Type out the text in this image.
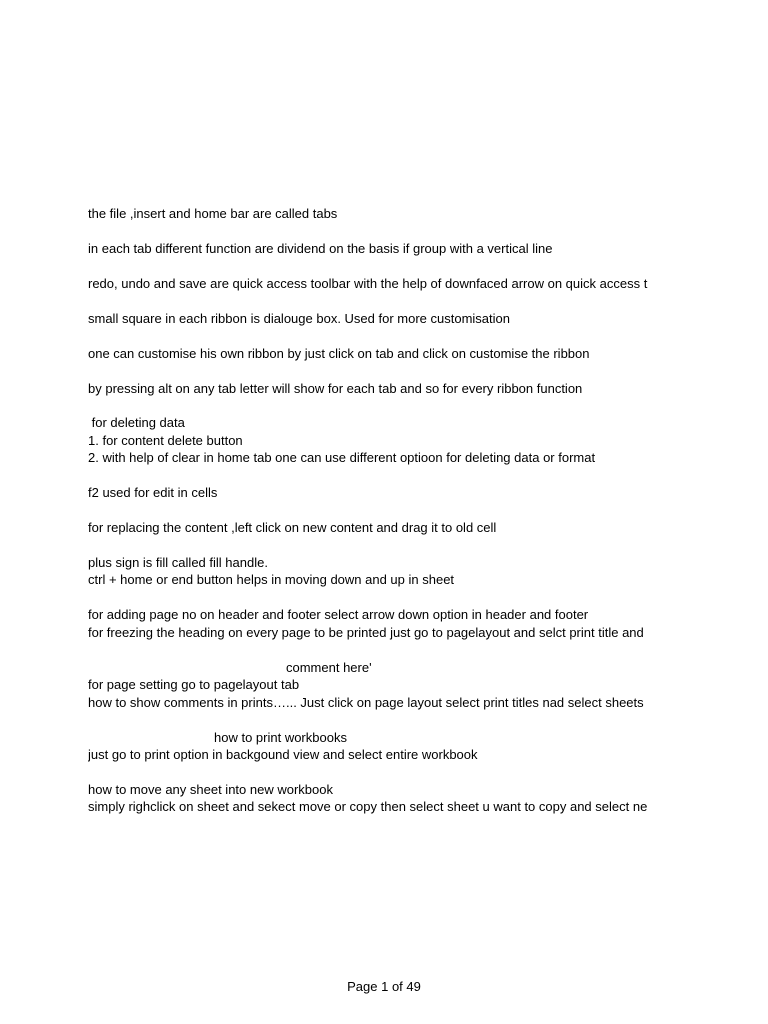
the file ,insert and home bar are called tabs
in each tab different function are dividend on the basis if group with a vertical line
redo, undo and save are quick access toolbar with the help of downfaced arrow on quick access t
small square in each ribbon is dialouge box. Used for more customisation
one can customise his own ribbon by just click on tab and click on customise the ribbon
by pressing alt on any tab letter will show for each tab and so for every ribbon function
for deleting data
1. for content delete button
2. with help of clear in home tab one can use different optioon for deleting data or format
f2 used for edit in cells
for replacing the content ,left click on new content and drag it to old cell
plus sign is fill called fill handle.
ctrl + home or end button helps in moving down and up in sheet
for adding page no on header and footer select arrow down option in header and footer
for freezing the heading on every page to be printed just go to pagelayout and selct print title and
comment here'
for page setting go to pagelayout tab
how to show comments in prints…... Just click on page layout select print titles nad select sheets
how to print workbooks
just go to print option in backgound view and select entire workbook
how to move any sheet into new workbook
simply righclick on sheet and sekect move or copy then select sheet u want to copy and select ne
Page 1 of 49
